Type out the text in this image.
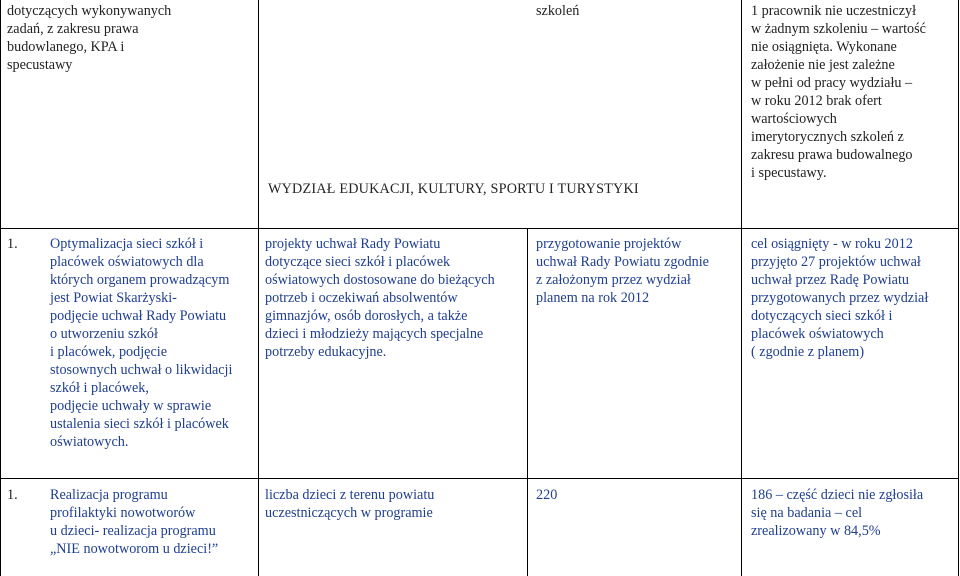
dotyczących wykonywanych
zadań, z zakresu prawa
budowlanego, KPA i
specustawy
szkoleń	1 pracownik nie uczestniczył
w żadnym szkoleniu – wartość
nie osiągnięta. Wykonane
założenie nie jest zależne
w pełni od pracy wydziału –
w roku 2012 brak ofert
wartościowych
imerytorycznych szkoleń z
zakresu prawa budowalnego
i specustawy.
WYDZIAŁ EDUKACJI, KULTURY, SPORTU I TURYSTYKI
1. Optymalizacja sieci szkół i
placówek oświatowych dla
których organem prowadzącym
jest Powiat Skarżyski-
podjęcie uchwał Rady Powiatu
o utworzeniu szkół
i placówek, podjęcie
stosownych uchwał o likwidacji
szkół i placówek,
podjęcie uchwały w sprawie
ustalenia sieci szkół i placówek
oświatowych.
projekty uchwał Rady Powiatu
dotyczące sieci szkół i placówek
oświatowych dostosowane do bieżących
potrzeb i oczekiwań absolwentów
gimnazjów, osób dorosłych, a także
dzieci i młodzieży mających specjalne
potrzeby edukacyjne.
przygotowanie projektów
uchwał Rady Powiatu zgodnie
z założonym przez wydział
planem na rok 2012
cel osiągnięty - w roku 2012
przyjęto 27 projektów uchwał
uchwał przez Radę Powiatu
przygotowanych przez wydział
dotyczących sieci szkół i
placówek oświatowych
( zgodnie z planem)
1. Realizacja programu
profilaktyki nowotworów
u dzieci- realizacja programu
„NIE nowotworom u dzieci!”
liczba dzieci z terenu powiatu
uczestniczących w programie
220	186 – część dzieci nie zgłosiła
się na badania – cel
zrealizowany w 84,5%
